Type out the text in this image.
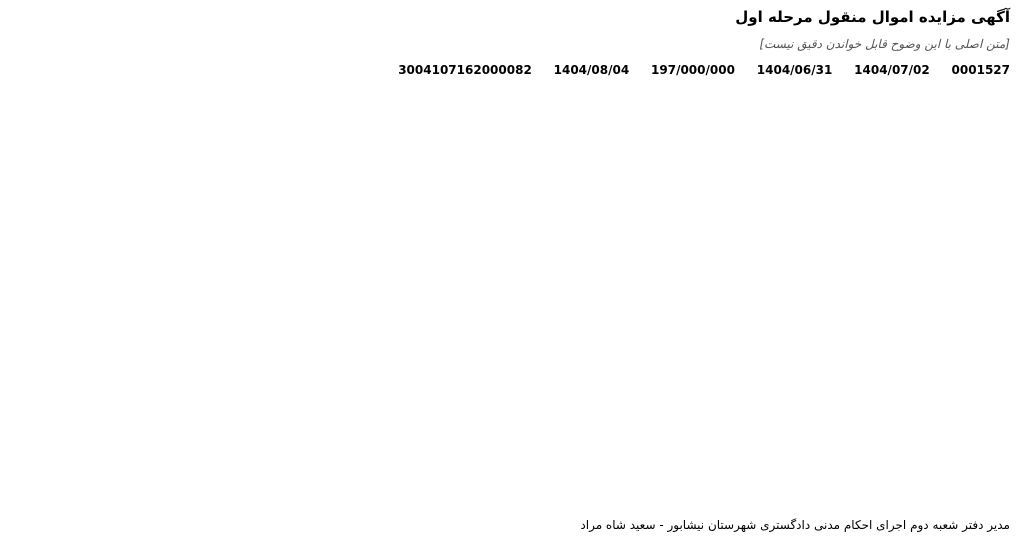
آگهی مزایده اموال منقول مرحله اول

[متن اصلی با این وضوح قابل خواندن دقیق نیست]

0001527 1404/07/02 1404/06/31 197/000/000 1404/08/04 3004107162000082
مدیر دفتر شعبه دوم اجرای احکام مدنی دادگستری شهرستان نیشابور - سعید شاه مراد
